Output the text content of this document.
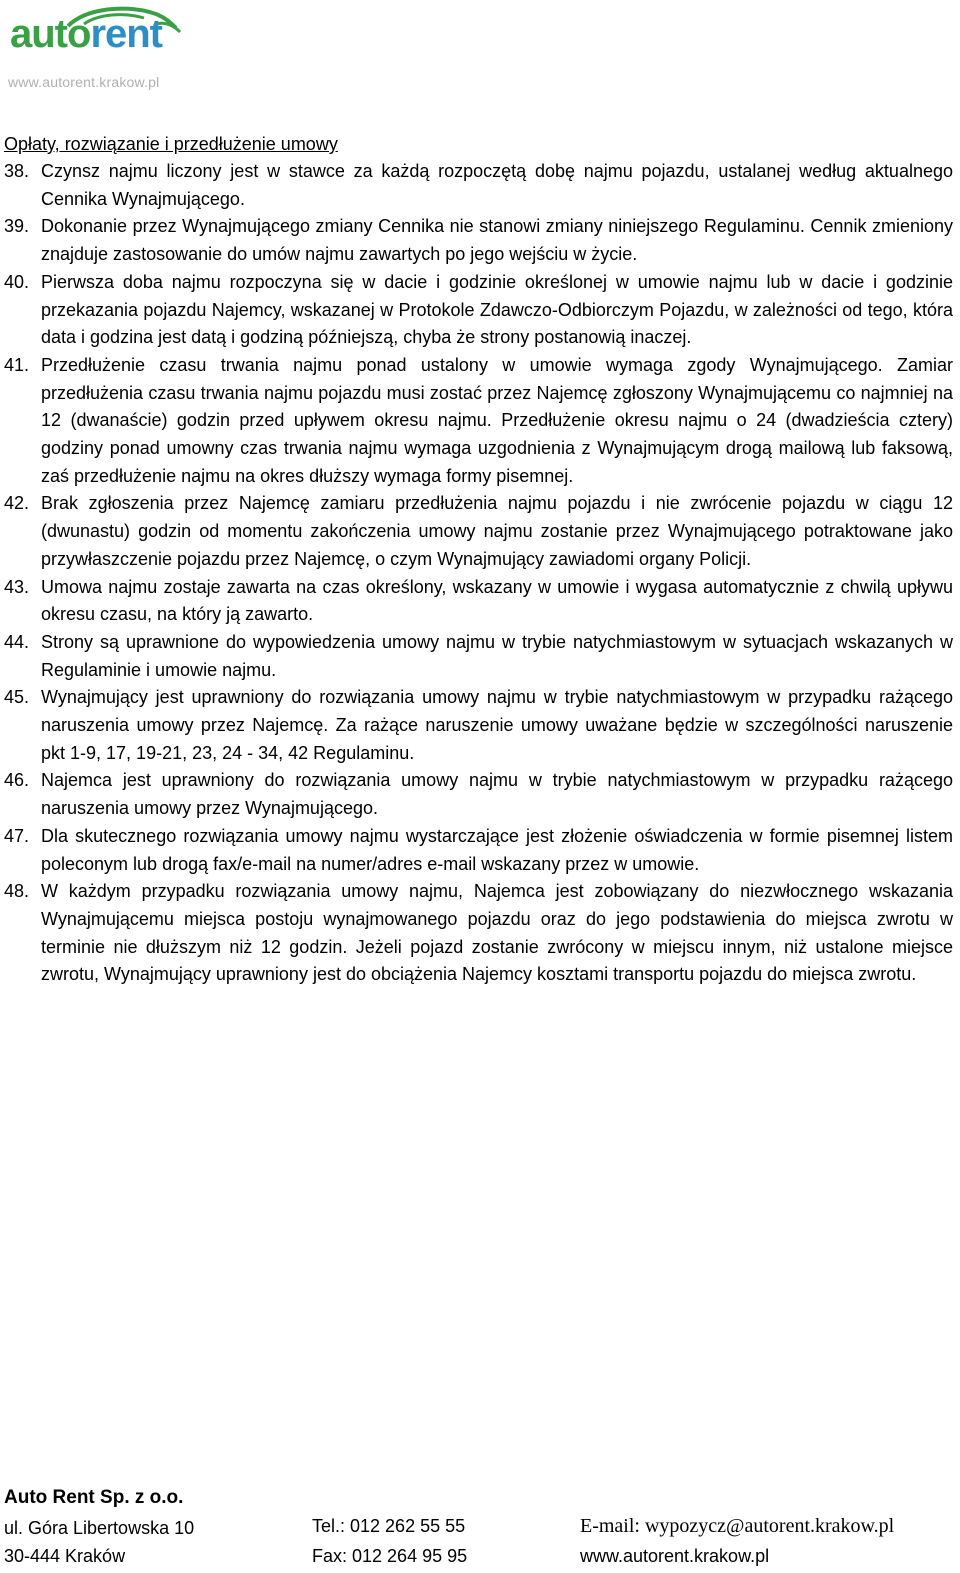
autorent
www.autorent.krakow.pl
Opłaty, rozwiązanie i przedłużenie umowy
38. Czynsz najmu liczony jest w stawce za każdą rozpoczętą dobę najmu pojazdu, ustalanej według aktualnego Cennika Wynajmującego.
39. Dokonanie przez Wynajmującego zmiany Cennika nie stanowi zmiany niniejszego Regulaminu. Cennik zmieniony znajduje zastosowanie do umów najmu zawartych po jego wejściu w życie.
40. Pierwsza doba najmu rozpoczyna się w dacie i godzinie określonej w umowie najmu lub w dacie i godzinie przekazania pojazdu Najemcy, wskazanej w Protokole Zdawczo-Odbiorczym Pojazdu, w zależności od tego, która data i godzina jest datą i godziną późniejszą, chyba że strony postanowią inaczej.
41. Przedłużenie czasu trwania najmu ponad ustalony w umowie wymaga zgody Wynajmującego. Zamiar przedłużenia czasu trwania najmu pojazdu musi zostać przez Najemcę zgłoszony Wynajmującemu co najmniej na 12 (dwanaście) godzin przed upływem okresu najmu. Przedłużenie okresu najmu o 24 (dwadzieścia cztery) godziny ponad umowny czas trwania najmu wymaga uzgodnienia z Wynajmującym drogą mailową lub faksową, zaś przedłużenie najmu na okres dłuższy wymaga formy pisemnej.
42. Brak zgłoszenia przez Najemcę zamiaru przedłużenia najmu pojazdu i nie zwrócenie pojazdu w ciągu 12 (dwunastu) godzin od momentu zakończenia umowy najmu zostanie przez Wynajmującego potraktowane jako przywłaszczenie pojazdu przez Najemcę, o czym Wynajmujący zawiadomi organy Policji.
43. Umowa najmu zostaje zawarta na czas określony, wskazany w umowie i wygasa automatycznie z chwilą upływu okresu czasu, na który ją zawarto.
44. Strony są uprawnione do wypowiedzenia umowy najmu w trybie natychmiastowym w sytuacjach wskazanych w Regulaminie i umowie najmu.
45. Wynajmujący jest uprawniony do rozwiązania umowy najmu w trybie natychmiastowym w przypadku rażącego naruszenia umowy przez Najemcę. Za rażące naruszenie umowy uważane będzie w szczególności naruszenie pkt 1-9, 17, 19-21, 23, 24 - 34, 42 Regulaminu.
46. Najemca jest uprawniony do rozwiązania umowy najmu w trybie natychmiastowym w przypadku rażącego naruszenia umowy przez Wynajmującego.
47. Dla skutecznego rozwiązania umowy najmu wystarczające jest złożenie oświadczenia w formie pisemnej listem poleconym lub drogą fax/e-mail na numer/adres e-mail wskazany przez w umowie.
48. W każdym przypadku rozwiązania umowy najmu, Najemca jest zobowiązany do niezwłocznego wskazania Wynajmującemu miejsca postoju wynajmowanego pojazdu oraz do jego podstawienia do miejsca zwrotu w terminie nie dłuższym niż 12 godzin. Jeżeli pojazd zostanie zwrócony w miejscu innym, niż ustalone miejsce zwrotu, Wynajmujący uprawniony jest do obciążenia Najemcy kosztami transportu pojazdu do miejsca zwrotu.
Auto Rent Sp. z o.o.
ul. Góra Libertowska 10
30-444 Kraków
Tel.: 012 262 55 55
Fax: 012 264 95 95
E-mail: wypozycz@autorent.krakow.pl
www.autorent.krakow.pl
